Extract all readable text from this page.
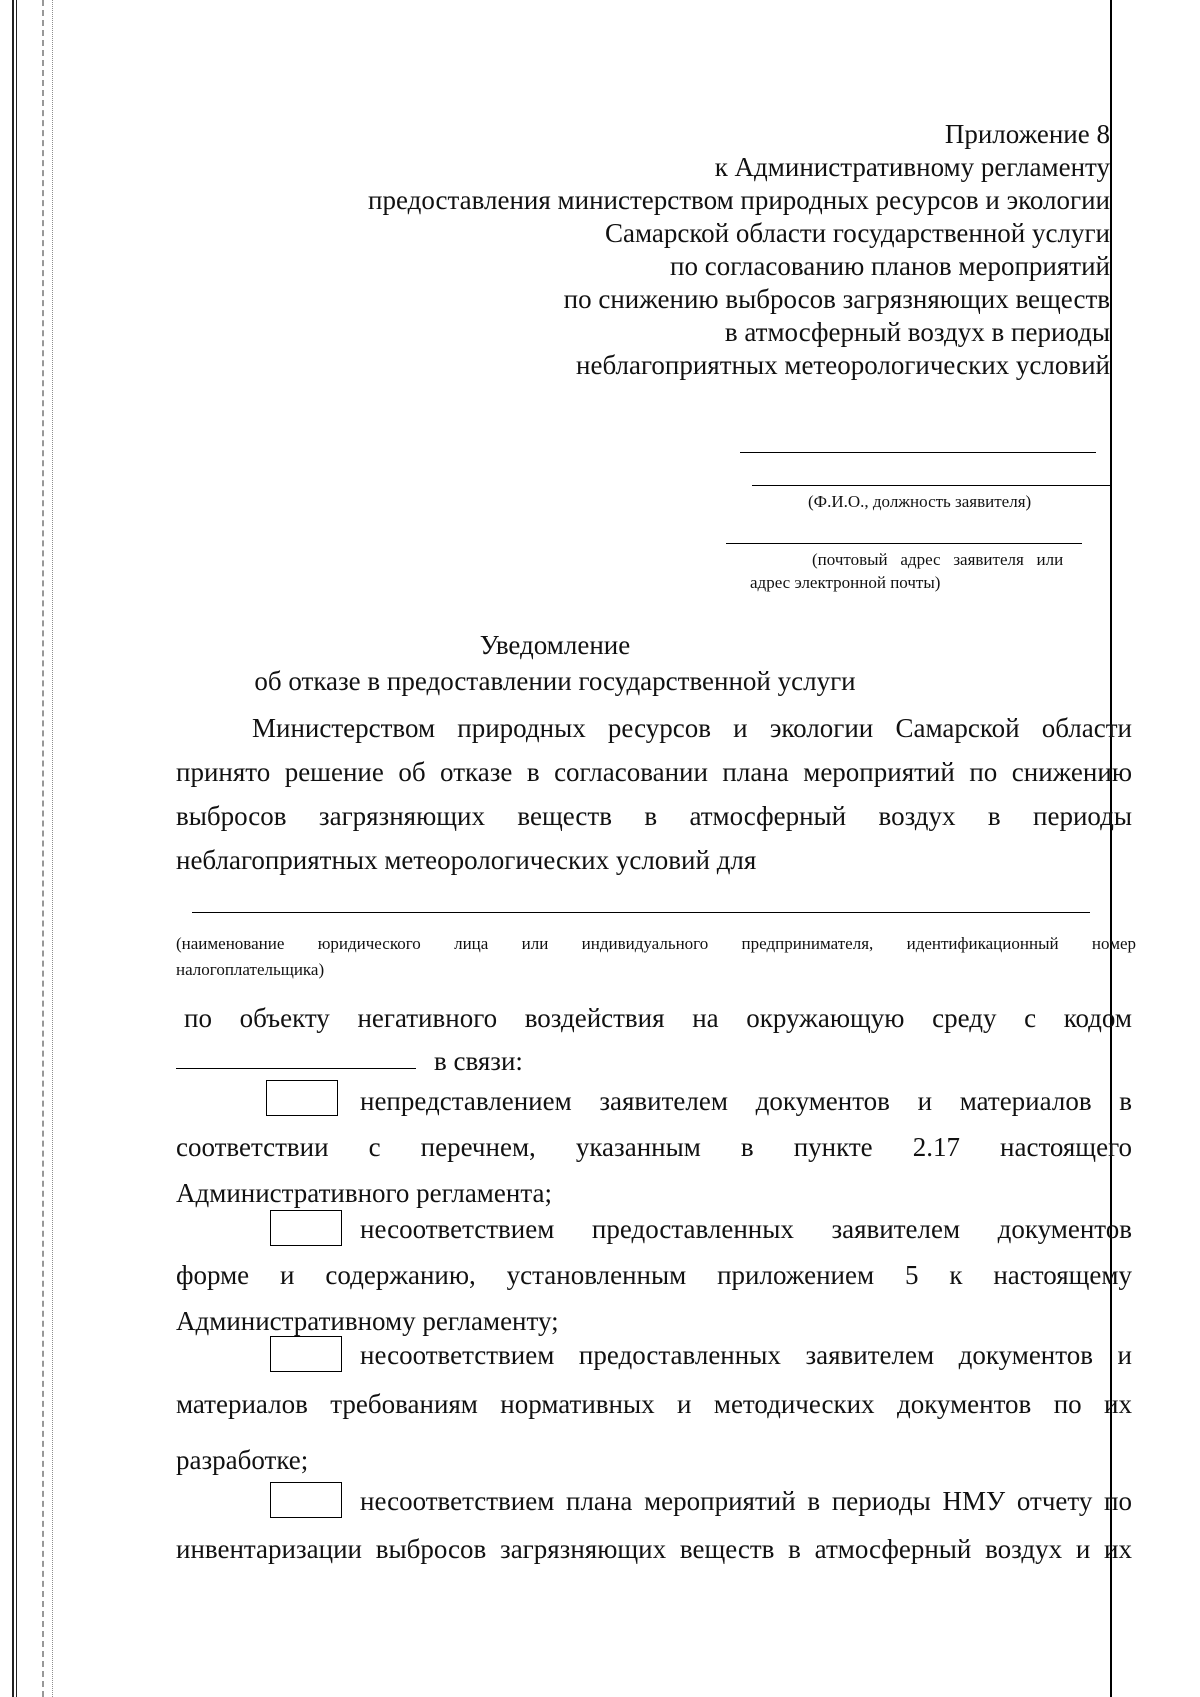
Приложение 8
к Административному регламенту
предоставления министерством природных ресурсов и экологии
Самарской области государственной услуги
по согласованию планов мероприятий
по снижению выбросов загрязняющих веществ
в атмосферный воздух в периоды
неблагоприятных метеорологических условий
(Ф.И.О., должность заявителя)
(почтовый   адрес   заявителя   или
адрес электронной почты)
Уведомление
об отказе в предоставлении государственной услуги
Министерством природных ресурсов и экологии Самарской области
принято решение об отказе в согласовании плана мероприятий по снижению
выбросов загрязняющих веществ в атмосферный воздух в периоды
неблагоприятных метеорологических условий для
(наименование юридического лица или индивидуального предпринимателя, идентификационный номер
налогоплательщика)
по объекту негативного воздействия на окружающую среду с кодом
в связи:
непредставлением заявителем документов и материалов в
соответствии с перечнем, указанным в пункте 2.17 настоящего
Административного регламента;
несоответствием предоставленных заявителем документов
форме и содержанию, установленным приложением 5 к настоящему
Административному регламенту;
несоответствием предоставленных заявителем документов и
материалов требованиям нормативных и методических документов по их
разработке;
несоответствием плана мероприятий в периоды НМУ отчету по
инвентаризации выбросов загрязняющих веществ в атмосферный воздух и их
